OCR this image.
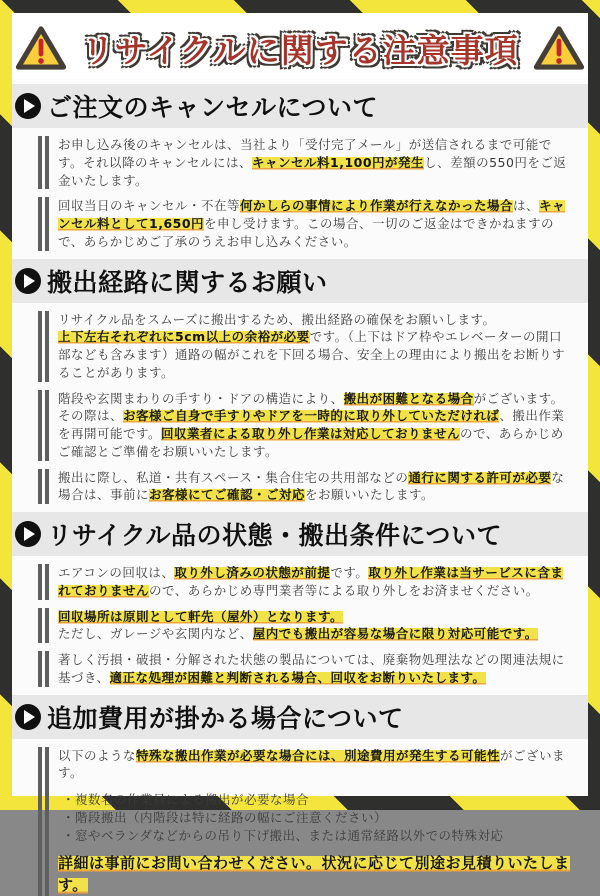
リサイクルに関する注意事項
ご注文のキャンセルについて
お申し込み後のキャンセルは、当社より「受付完了メール」が送信されるまで可能です。それ以降のキャンセルには、キャンセル料1,100円が発生し、差額の550円をご返金いたします。
回収当日のキャンセル・不在等何かしらの事情により作業が行えなかった場合は、キャンセル料として1,650円を申し受けます。この場合、一切のご返金はできかねますので、あらかじめご了承のうえお申し込みください。
搬出経路に関するお願い
リサイクル品をスムーズに搬出するため、搬出経路の確保をお願いします。
上下左右それぞれに5cm以上の余裕が必要です。（上下はドア枠やエレベーターの開口部なども含みます）通路の幅がこれを下回る場合、安全上の理由により搬出をお断りすることがあります。
階段や玄関まわりの手すり・ドアの構造により、搬出が困難となる場合がございます。その際は、お客様ご自身で手すりやドアを一時的に取り外していただければ、搬出作業を再開可能です。回収業者による取り外し作業は対応しておりませんので、あらかじめご確認とご準備をお願いいたします。
搬出に際し、私道・共有スペース・集合住宅の共用部などの通行に関する許可が必要な場合は、事前にお客様にてご確認・ご対応をお願いいたします。
リサイクル品の状態・搬出条件について
エアコンの回収は、取り外し済みの状態が前提です。取り外し作業は当サービスに含まれておりませんので、あらかじめ専門業者等による取り外しをお済ませください。
回収場所は原則として軒先（屋外）となります。
ただし、ガレージや玄関内など、屋内でも搬出が容易な場合に限り対応可能です。
著しく汚損・破損・分解された状態の製品については、廃棄物処理法などの関連法規に基づき、適正な処理が困難と判断される場合、回収をお断りいたします。
追加費用が掛かる場合について
以下のような特殊な搬出作業が必要な場合には、別途費用が発生する可能性がございます。
・複数名の作業員による搬出が必要な場合
・階段搬出（内階段は特に経路の幅にご注意ください）
・窓やベランダなどからの吊り下げ搬出、または通常経路以外での特殊対応
詳細は事前にお問い合わせください。状況に応じて別途お見積りいたします。
